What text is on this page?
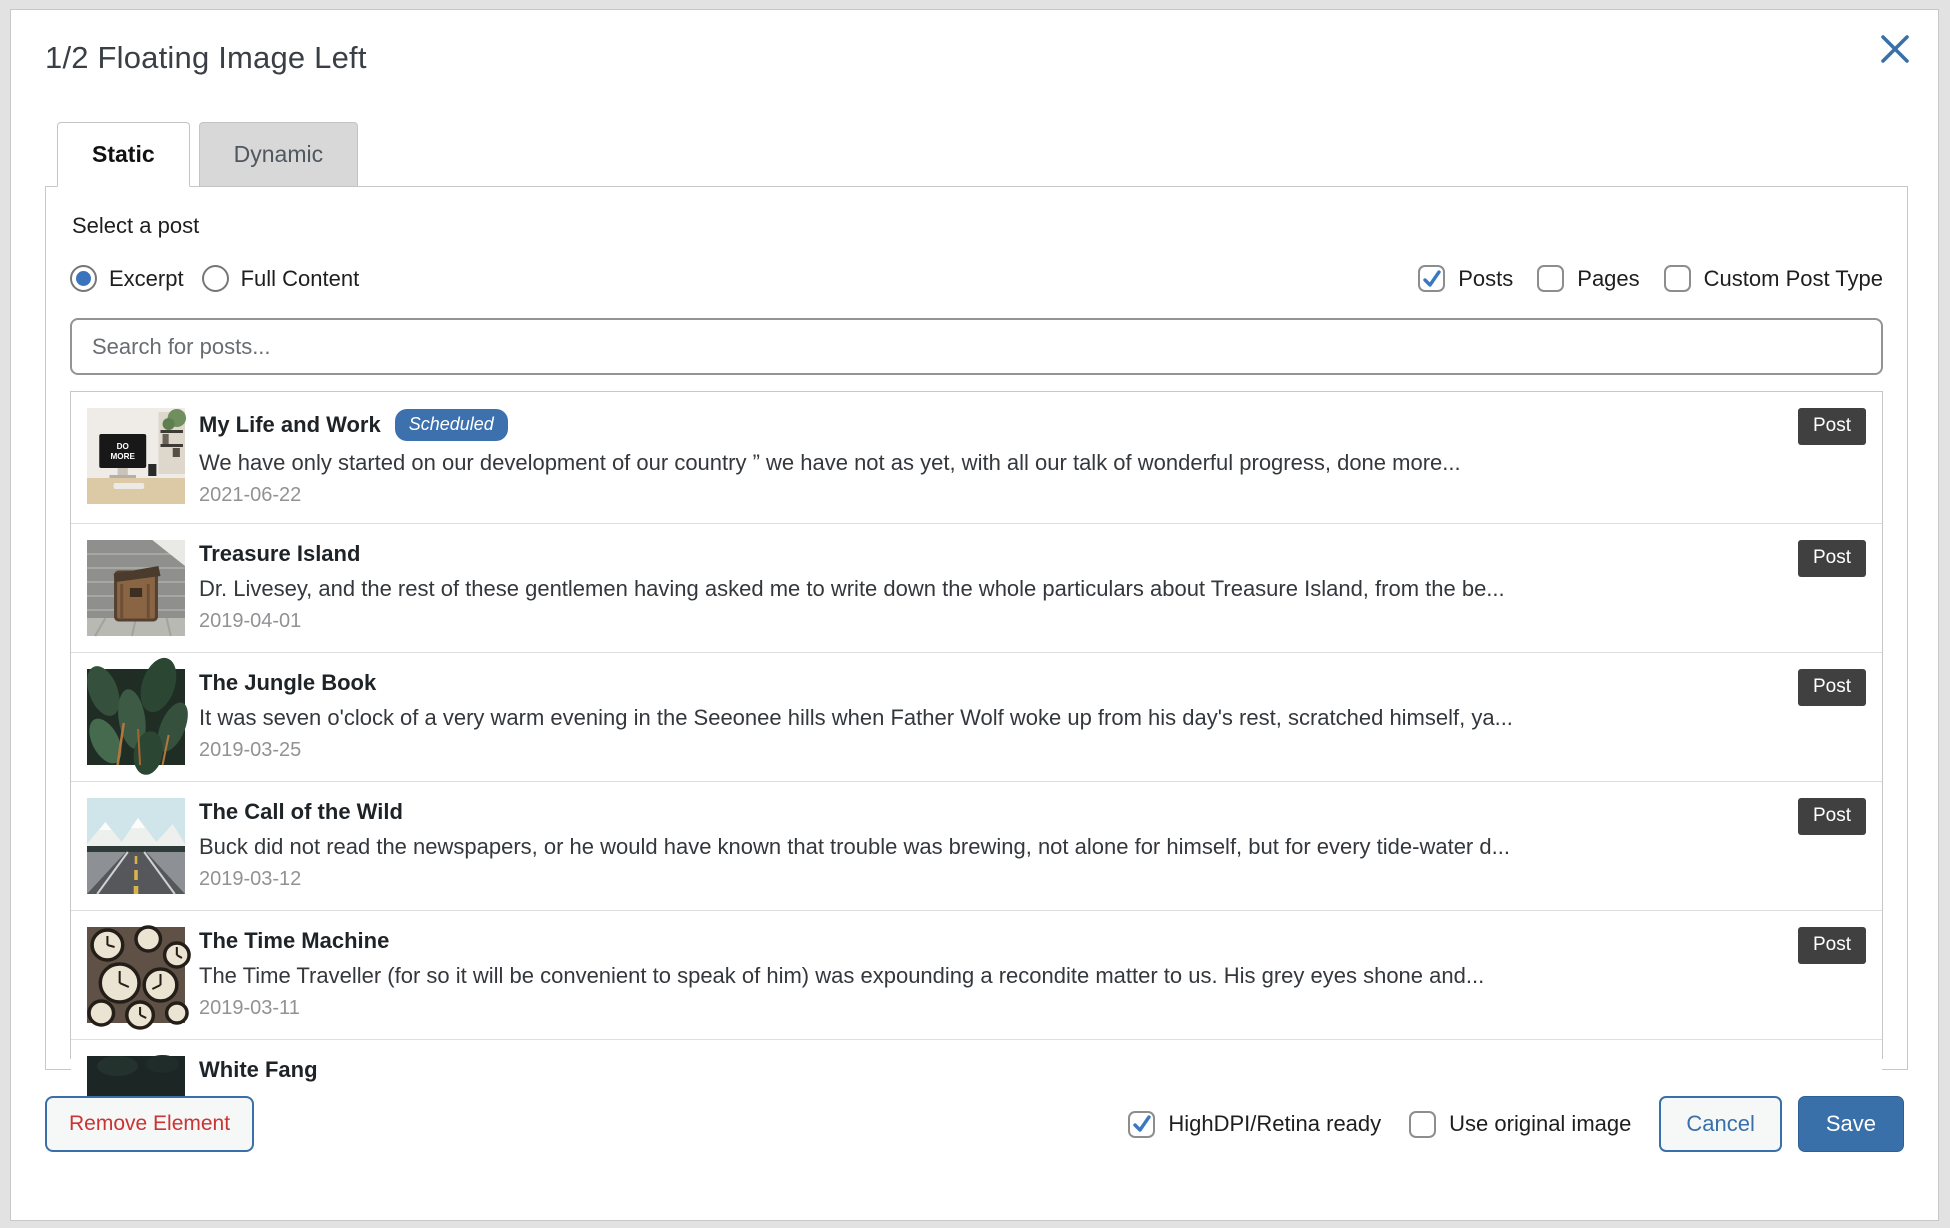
1/2 Floating Image Left
Static	Dynamic
Select a post
Excerpt	Full Content	Posts	Pages	Custom Post Type
Search for posts...
DO
MORE
My Life and Work	Scheduled
We have only started on our development of our country ” we have not as yet, with all our talk of wonderful progress, done more...
2021-06-22
Post
Treasure Island
Dr. Livesey, and the rest of these gentlemen having asked me to write down the whole particulars about Treasure Island, from the be...
2019-04-01
Post
The Jungle Book
It was seven o'clock of a very warm evening in the Seeonee hills when Father Wolf woke up from his day's rest, scratched himself, ya...
2019-03-25
Post
The Call of the Wild
Buck did not read the newspapers, or he would have known that trouble was brewing, not alone for himself, but for every tide-water d...
2019-03-12
Post
The Time Machine
The Time Traveller (for so it will be convenient to speak of him) was expounding a recondite matter to us. His grey eyes shone and...
2019-03-11
Post
White Fang
Remove Element	HighDPI/Retina ready	Use original image	Cancel	Save
